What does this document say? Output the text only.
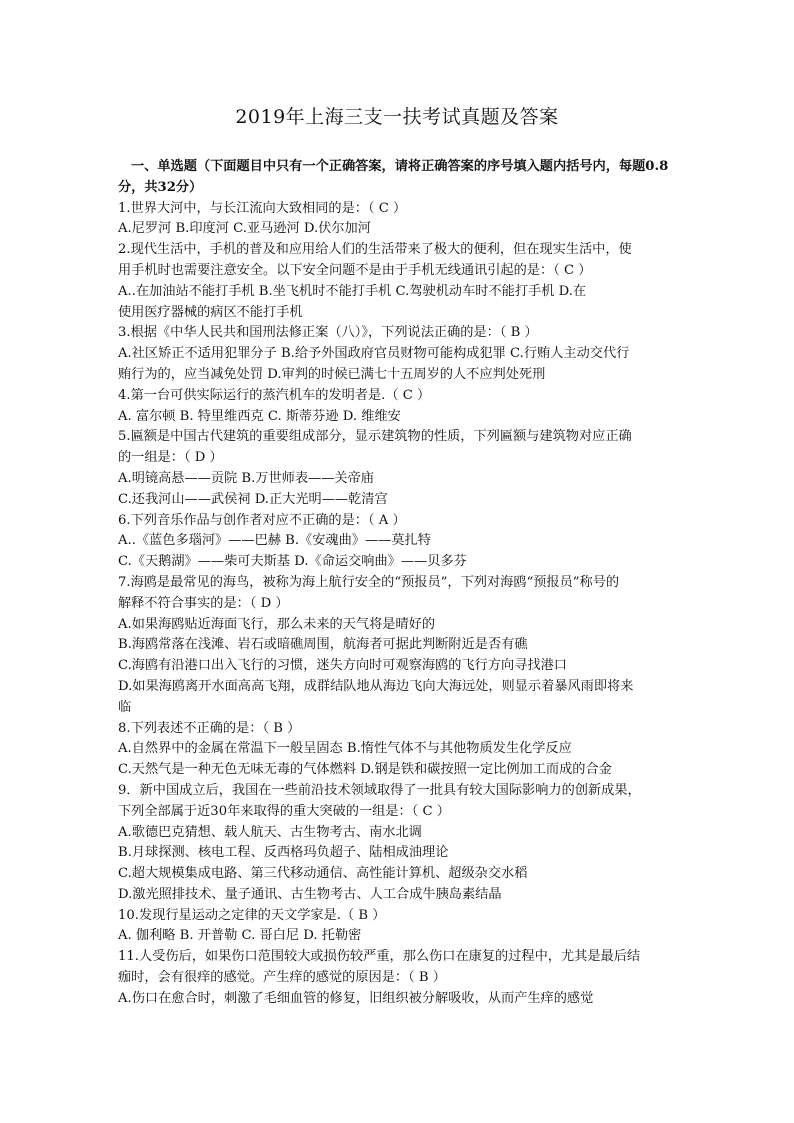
2019年上海三支一扶考试真题及答案
一、单选题（下面题目中只有一个正确答案，请将正确答案的序号填入题内括号内，每题0.8分，共32分）
1.世界大河中，与长江流向大致相同的是：（ C ）
A.尼罗河 B.印度河 C.亚马逊河 D.伏尔加河
2.现代生活中，手机的普及和应用给人们的生活带来了极大的便利，但在现实生活中，使
用手机时也需要注意安全。以下安全问题不是由于手机无线通讯引起的是：（ C ）
A..在加油站不能打手机 B.坐飞机时不能打手机 C.驾驶机动车时不能打手机 D.在
使用医疗器械的病区不能打手机
3.根据《中华人民共和国刑法修正案（八）》，下列说法正确的是：（ B ）
A.社区矫正不适用犯罪分子 B.给予外国政府官员财物可能构成犯罪 C.行贿人主动交代行
贿行为的，应当减免处罚 D.审判的时候已满七十五周岁的人不应判处死刑
4.第一台可供实际运行的蒸汽机车的发明者是.（ C ）
A. 富尔顿 B. 特里维西克 C. 斯蒂芬逊 D. 维维安
5.匾额是中国古代建筑的重要组成部分，显示建筑物的性质，下列匾额与建筑物对应正确
的一组是：（ D ）
A.明镜高悬——贡院 B.万世师表——关帝庙
C.还我河山——武侯祠 D.正大光明——乾清宫
6.下列音乐作品与创作者对应不正确的是：（ A ）
A..《蓝色多瑙河》——巴赫 B.《安魂曲》——莫扎特
C.《天鹅湖》——柴可夫斯基 D.《命运交响曲》——贝多芬
7.海鸥是最常见的海鸟，被称为海上航行安全的“预报员”，下列对海鸥“预报员”称号的
解释不符合事实的是：（ D ）
A.如果海鸥贴近海面飞行，那么未来的天气将是晴好的
B.海鸥常落在浅滩、岩石或暗礁周围，航海者可据此判断附近是否有礁
C.海鸥有沿港口出入飞行的习惯，迷失方向时可观察海鸥的飞行方向寻找港口
D.如果海鸥离开水面高高飞翔，成群结队地从海边飞向大海远处，则显示着暴风雨即将来
临
8.下列表述不正确的是：（ B ）
A.自然界中的金属在常温下一般呈固态 B.惰性气体不与其他物质发生化学反应
C.天然气是一种无色无味无毒的气体燃料 D.钢是铁和碳按照一定比例加工而成的合金
9．新中国成立后，我国在一些前沿技术领域取得了一批具有较大国际影响力的创新成果，
下列全部属于近30年来取得的重大突破的一组是：（ C ）
A.歌德巴克猜想、载人航天、古生物考古、南水北调
B.月球探测、核电工程、反西格玛负超子、陆相成油理论
C.超大规模集成电路、第三代移动通信、高性能计算机、超级杂交水稻
D.激光照排技术、量子通讯、古生物考古、人工合成牛胰岛素结晶
10.发现行星运动之定律的天文学家是.（ B ）
A. 伽利略 B. 开普勒 C. 哥白尼 D. 托勒密
11.人受伤后，如果伤口范围较大或损伤较严重，那么伤口在康复的过程中，尤其是最后结
痂时，会有很痒的感觉。产生痒的感觉的原因是：（ B ）
A.伤口在愈合时，刺激了毛细血管的修复，旧组织被分解吸收，从而产生痒的感觉
